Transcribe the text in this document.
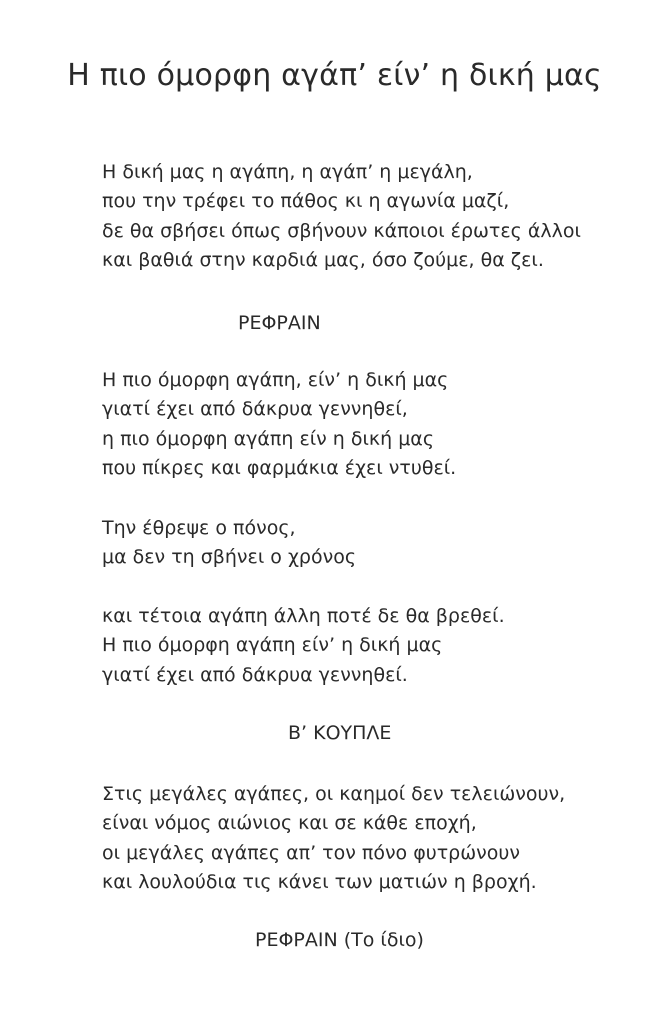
Η πιο όμορφη αγάπ’ είν’ η δική μας
Η δική μας η αγάπη, η αγάπ’ η μεγάλη,
που την τρέφει το πάθος κι η αγωνία μαζί,
δε θα σβήσει όπως σβήνουν κάποιοι έρωτες άλλοι
και βαθιά στην καρδιά μας, όσο ζούμε, θα ζει.
ΡΕΦΡΑΙΝ
Η πιο όμορφη αγάπη, είν’ η δική μας
γιατί έχει από δάκρυα γεννηθεί,
η πιο όμορφη αγάπη είν η δική μας
που πίκρες και φαρμάκια έχει ντυθεί.
Την έθρεψε ο πόνος,
μα δεν τη σβήνει ο χρόνος
και τέτοια αγάπη άλλη ποτέ δε θα βρεθεί.
Η πιο όμορφη αγάπη είν’ η δική μας
γιατί έχει από δάκρυα γεννηθεί.
Β’ ΚΟΥΠΛΕ
Στις μεγάλες αγάπες, οι καημοί δεν τελειώνουν,
είναι νόμος αιώνιος και σε κάθε εποχή,
οι μεγάλες αγάπες απ’ τον πόνο φυτρώνουν
και λουλούδια τις κάνει των ματιών η βροχή.
ΡΕΦΡΑΙΝ (Το ίδιο)
